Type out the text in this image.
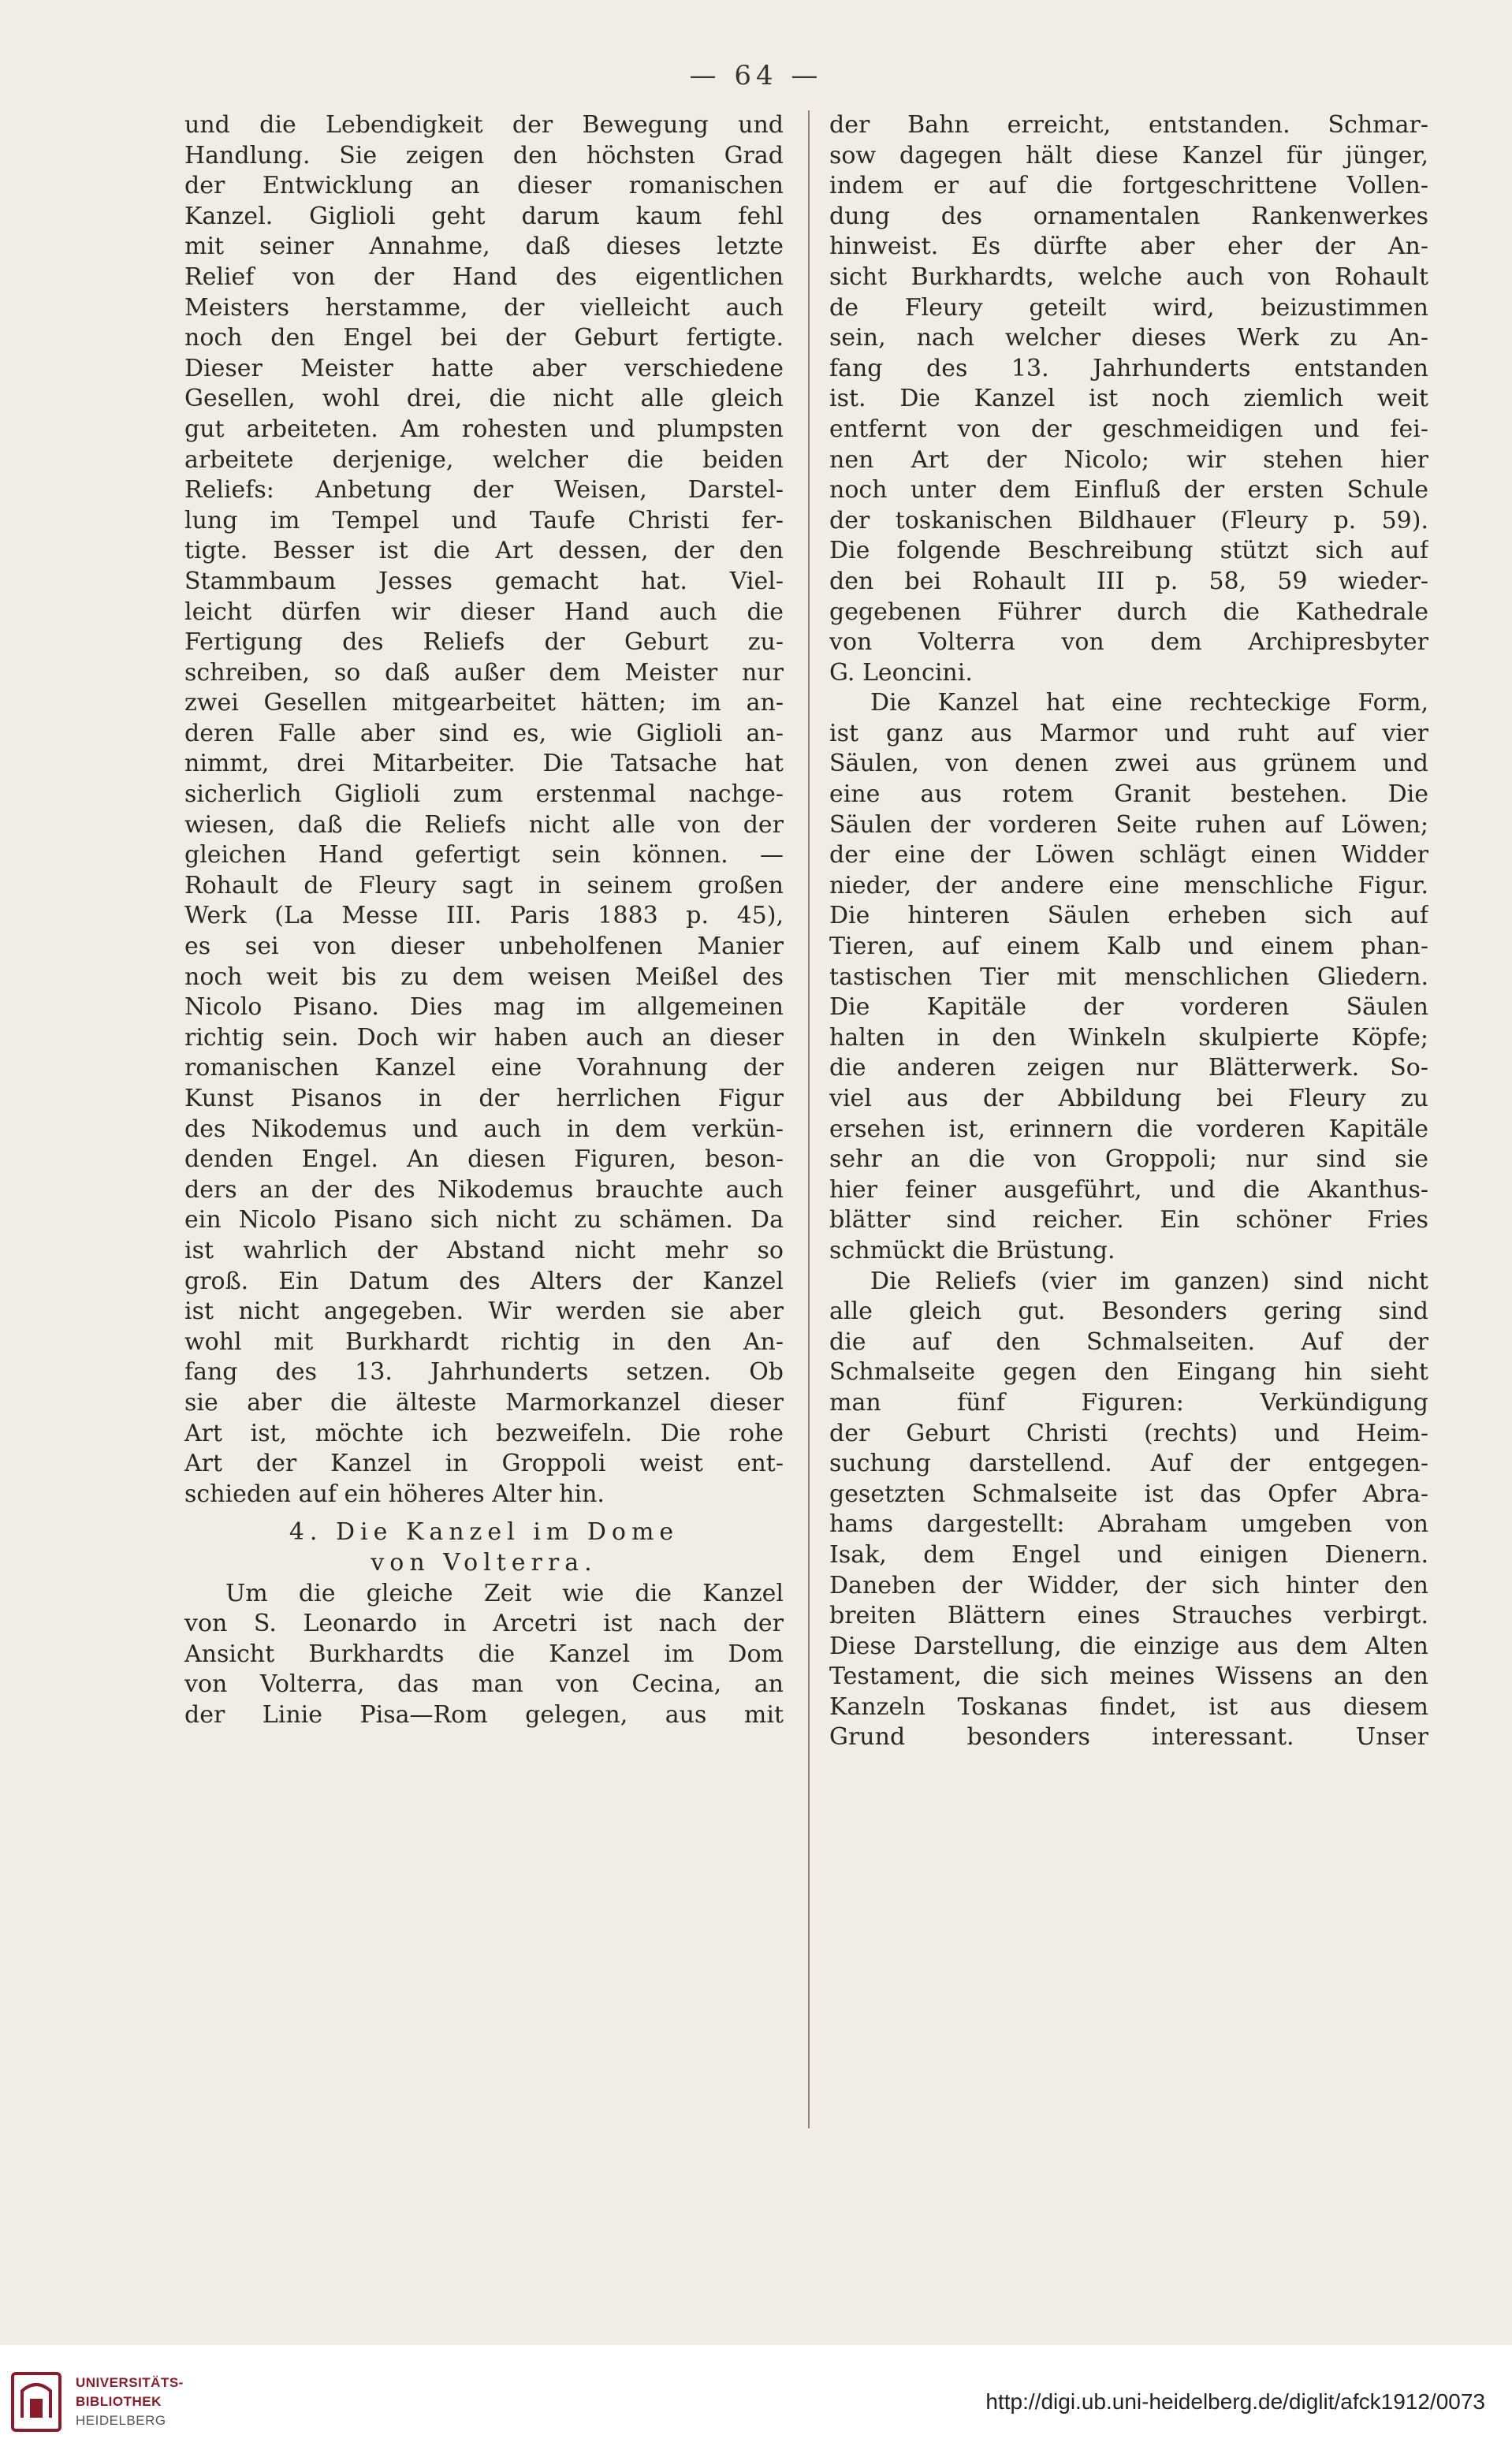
— 64 —
und die Lebendigkeit der Bewegung und
Handlung. Sie zeigen den höchsten Grad
der Entwicklung an dieser romanischen
Kanzel. Giglioli geht darum kaum fehl
mit seiner Annahme, daß dieses letzte
Relief von der Hand des eigentlichen
Meisters herstamme, der vielleicht auch
noch den Engel bei der Geburt fertigte.
Dieser Meister hatte aber verschiedene
Gesellen, wohl drei, die nicht alle gleich
gut arbeiteten. Am rohesten und plumpsten
arbeitete derjenige, welcher die beiden
Reliefs: Anbetung der Weisen, Darstel-
lung im Tempel und Taufe Christi fer-
tigte. Besser ist die Art dessen, der den
Stammbaum Jesses gemacht hat. Viel-
leicht dürfen wir dieser Hand auch die
Fertigung des Reliefs der Geburt zu-
schreiben, so daß außer dem Meister nur
zwei Gesellen mitgearbeitet hätten; im an-
deren Falle aber sind es, wie Giglioli an-
nimmt, drei Mitarbeiter. Die Tatsache hat
sicherlich Giglioli zum erstenmal nachge-
wiesen, daß die Reliefs nicht alle von der
gleichen Hand gefertigt sein können. —
Rohault de Fleury sagt in seinem großen
Werk (La Messe III. Paris 1883 p. 45),
es sei von dieser unbeholfenen Manier
noch weit bis zu dem weisen Meißel des
Nicolo Pisano. Dies mag im allgemeinen
richtig sein. Doch wir haben auch an dieser
romanischen Kanzel eine Vorahnung der
Kunst Pisanos in der herrlichen Figur
des Nikodemus und auch in dem verkün-
denden Engel. An diesen Figuren, beson-
ders an der des Nikodemus brauchte auch
ein Nicolo Pisano sich nicht zu schämen. Da
ist wahrlich der Abstand nicht mehr so
groß. Ein Datum des Alters der Kanzel
ist nicht angegeben. Wir werden sie aber
wohl mit Burkhardt richtig in den An-
fang des 13. Jahrhunderts setzen. Ob
sie aber die älteste Marmorkanzel dieser
Art ist, möchte ich bezweifeln. Die rohe
Art der Kanzel in Groppoli weist ent-
schieden auf ein höheres Alter hin.
4. Die Kanzel im Dome
von Volterra.
Um die gleiche Zeit wie die Kanzel
von S. Leonardo in Arcetri ist nach der
Ansicht Burkhardts die Kanzel im Dom
von Volterra, das man von Cecina, an
der Linie Pisa—Rom gelegen, aus mit
der Bahn erreicht, entstanden. Schmar-
sow dagegen hält diese Kanzel für jünger,
indem er auf die fortgeschrittene Vollen-
dung des ornamentalen Rankenwerkes
hinweist. Es dürfte aber eher der An-
sicht Burkhardts, welche auch von Rohault
de Fleury geteilt wird, beizustimmen
sein, nach welcher dieses Werk zu An-
fang des 13. Jahrhunderts entstanden
ist. Die Kanzel ist noch ziemlich weit
entfernt von der geschmeidigen und fei-
nen Art der Nicolo; wir stehen hier
noch unter dem Einfluß der ersten Schule
der toskanischen Bildhauer (Fleury p. 59).
Die folgende Beschreibung stützt sich auf
den bei Rohault III p. 58, 59 wieder-
gegebenen Führer durch die Kathedrale
von Volterra von dem Archipresbyter
G. Leoncini.
Die Kanzel hat eine rechteckige Form,
ist ganz aus Marmor und ruht auf vier
Säulen, von denen zwei aus grünem und
eine aus rotem Granit bestehen. Die
Säulen der vorderen Seite ruhen auf Löwen;
der eine der Löwen schlägt einen Widder
nieder, der andere eine menschliche Figur.
Die hinteren Säulen erheben sich auf
Tieren, auf einem Kalb und einem phan-
tastischen Tier mit menschlichen Gliedern.
Die Kapitäle der vorderen Säulen
halten in den Winkeln skulpierte Köpfe;
die anderen zeigen nur Blätterwerk. So-
viel aus der Abbildung bei Fleury zu
ersehen ist, erinnern die vorderen Kapitäle
sehr an die von Groppoli; nur sind sie
hier feiner ausgeführt, und die Akanthus-
blätter sind reicher. Ein schöner Fries
schmückt die Brüstung.
Die Reliefs (vier im ganzen) sind nicht
alle gleich gut. Besonders gering sind
die auf den Schmalseiten. Auf der
Schmalseite gegen den Eingang hin sieht
man fünf Figuren: Verkündigung
der Geburt Christi (rechts) und Heim-
suchung darstellend. Auf der entgegen-
gesetzten Schmalseite ist das Opfer Abra-
hams dargestellt: Abraham umgeben von
Isak, dem Engel und einigen Dienern.
Daneben der Widder, der sich hinter den
breiten Blättern eines Strauches verbirgt.
Diese Darstellung, die einzige aus dem Alten
Testament, die sich meines Wissens an den
Kanzeln Toskanas findet, ist aus diesem
Grund besonders interessant. Unser
UNIVERSITÄTS-
BIBLIOTHEK
HEIDELBERG
http://digi.ub.uni-heidelberg.de/diglit/afck1912/0073
